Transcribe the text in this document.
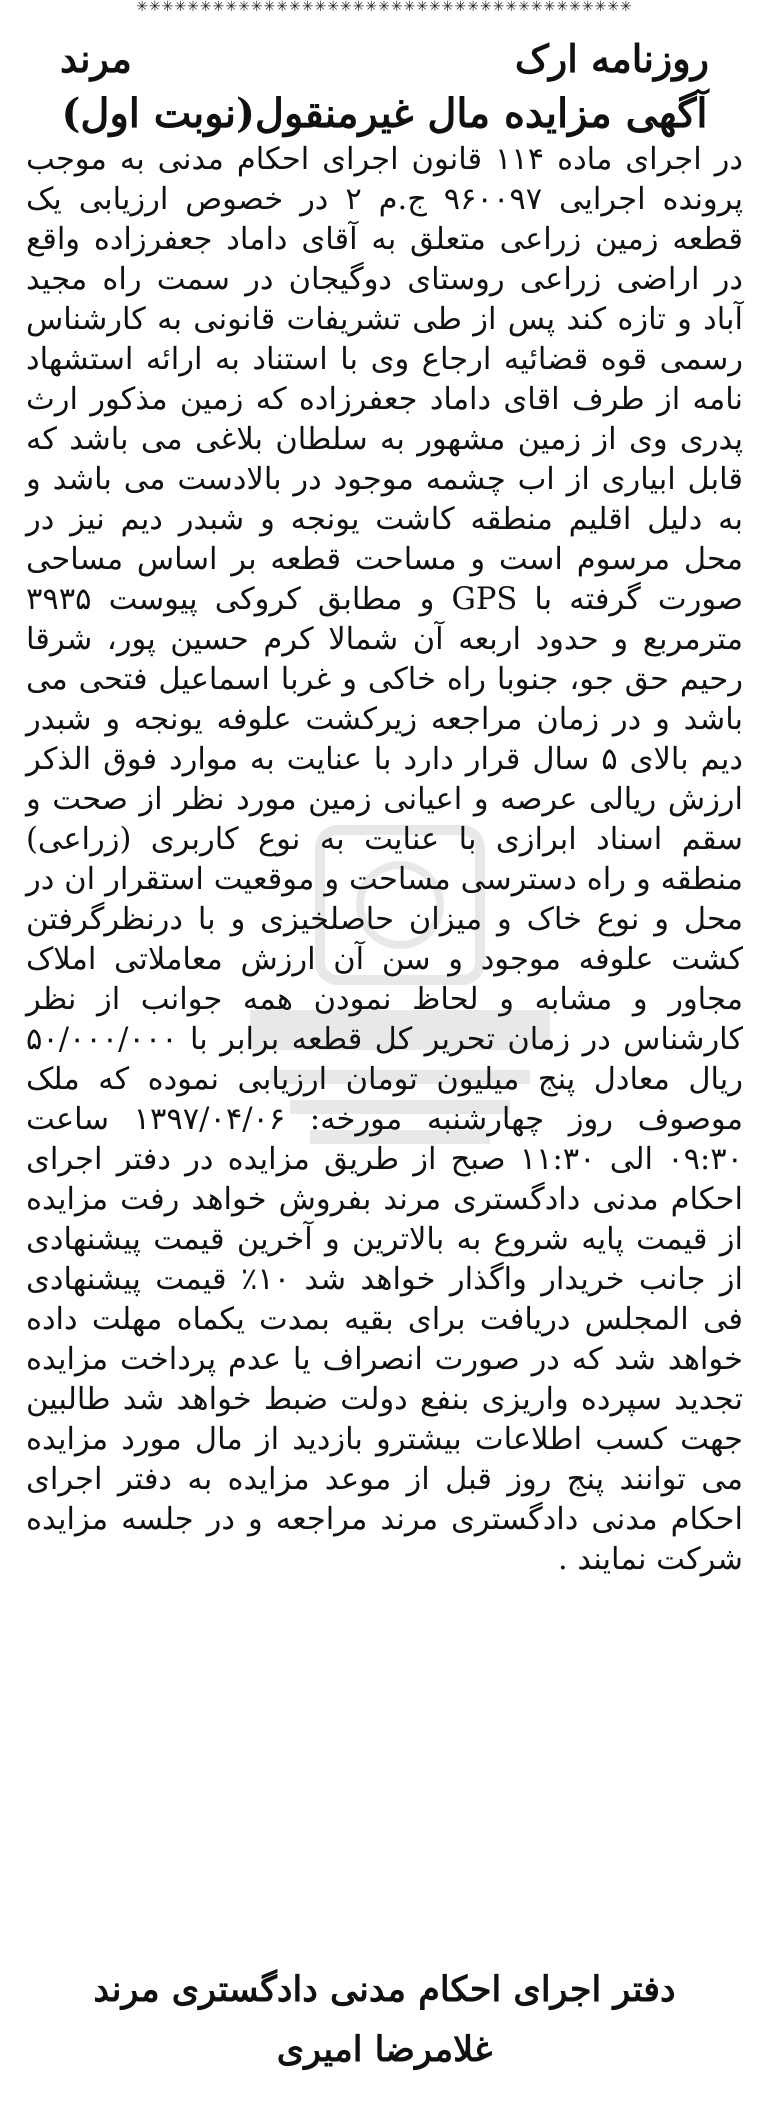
✳✳✳✳✳✳✳✳✳✳✳✳✳✳✳✳✳✳✳✳✳✳✳✳✳✳✳✳✳✳✳✳✳✳✳✳✳✳✳
روزنامه ارک
مرند
آگهی مزایده مال غیرمنقول(نوبت اول)
در اجرای ماده ۱۱۴ قانون اجرای احکام مدنی به موجب پرونده اجرایی ۹۶۰۰۹۷ ج.م ۲ در خصوص ارزیابی یک قطعه زمین زراعی متعلق به آقای داماد جعفرزاده واقع در اراضی زراعی روستای دوگیجان در سمت راه مجید آباد و تازه کند پس از طی تشریفات قانونی به کارشناس رسمی قوه قضائیه ارجاع وی با استناد به ارائه استشهاد نامه از طرف اقای داماد جعفرزاده که زمین مذکور ارث پدری وی از زمین مشهور به سلطان بلاغی می باشد که قابل ابیاری از اب چشمه موجود در بالادست می باشد و به دلیل اقلیم منطقه کاشت یونجه و شبدر دیم نیز در محل مرسوم است و مساحت قطعه بر اساس مساحی صورت گرفته با GPS و مطابق کروکی پیوست ۳۹۳۵ مترمربع و حدود اربعه آن شمالا کرم حسین پور، شرقا رحیم حق جو، جنوبا راه خاکی و غربا اسماعیل فتحی می باشد و در زمان مراجعه زیرکشت علوفه یونجه و شبدر دیم بالای ۵ سال قرار دارد با عنایت به موارد فوق الذکر ارزش ریالی عرصه و اعیانی زمین مورد نظر از صحت و سقم اسناد ابرازی با عنایت به نوع کاربری (زراعی) منطقه و راه دسترسی مساحت و موقعیت استقرار ان در محل و نوع خاک و میزان حاصلخیزی و با درنظرگرفتن کشت علوفه موجود و سن آن ارزش معاملاتی املاک مجاور و مشابه و لحاظ نمودن همه جوانب از نظر کارشناس در زمان تحریر کل قطعه برابر با ۵۰/۰۰۰/۰۰۰ ریال معادل پنج میلیون تومان ارزیابی نموده که ملک موصوف روز چهارشنبه مورخه: ۱۳۹۷/۰۴/۰۶ ساعت ۰۹:۳۰ الی ۱۱:۳۰ صبح از طریق مزایده در دفتر اجرای احکام مدنی دادگستری مرند بفروش خواهد رفت مزایده از قیمت پایه شروع به بالاترین و آخرین قیمت پیشنهادی از جانب خریدار واگذار خواهد شد ۱۰٪ قیمت پیشنهادی فی المجلس دریافت برای بقیه بمدت یکماه مهلت داده خواهد شد که در صورت انصراف یا عدم پرداخت مزایده تجدید سپرده واریزی بنفع دولت ضبط خواهد شد طالبین جهت کسب اطلاعات بیشترو بازدید از مال مورد مزایده می توانند پنج روز قبل از موعد مزایده به دفتر اجرای احکام مدنی دادگستری مرند مراجعه و در جلسه مزایده شرکت نمایند .
دفتر اجرای احکام مدنی دادگستری مرند
غلامرضا امیری
